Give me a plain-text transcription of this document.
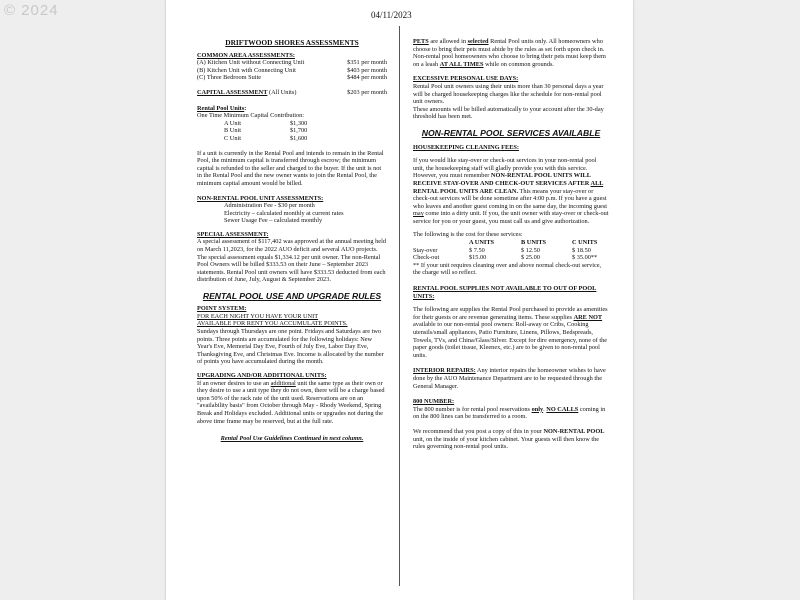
© 2024	04/11/2023
DRIFTWOOD SHORES ASSESSMENTS

COMMON AREA ASSESSMENTS:

(A) Kitchen Unit without Connecting Unit	$351 per month
(B) Kitchen Unit with Connecting Unit	$403 per month
(C) Three Bedroom Suite	$484 per month
CAPITAL ASSESSMENT (All Units)	$203 per month

Rental Pool Units:

One Time Minimum Capital Contribution:

A Unit	$1,300
B Unit	$1,700
C Unit	$1,600

If a unit is currently in the Rental Pool and intends to remain in the Rental Pool, the minimum capital is transferred through escrow; the minimum capital is refunded to the seller and charged to the buyer. If the unit is not in the Rental Pool and the new owner wants to join the Rental Pool, the minimum capital amount would be billed.

NON-RENTAL POOL UNIT ASSESSMENTS:

Administration Fee - $30 per month

Electricity – calculated monthly at current rates

Sewer Usage Fee – calculated monthly

SPECIAL ASSESSMENT:

A special assessment of $117,402 was approved at the annual meeting held on March 11,2023, for the 2022 AUO deficit and several AUO projects. The special assessment equals $1,334.12 per unit owner. The non-Rental Pool Owners will be billed $333.53 on their June – September 2023 statements. Rental Pool unit owners will have $333.53 deducted from each distribution of June, July, August & September 2023.

RENTAL POOL USE AND UPGRADE RULES

POINT SYSTEM:

FOR EACH NIGHT YOU HAVE YOUR UNIT

AVAILABLE FOR RENT YOU ACCUMULATE POINTS.

Sundays through Thursdays are one point. Fridays and Saturdays are two points. Three points are accumulated for the following holidays: New Year's Eve, Memorial Day Eve, Fourth of July Eve, Labor Day Eve, Thanksgiving Eve, and Christmas Eve. Income is allocated by the number of points you have accumulated during the month.

UPGRADING AND/OR ADDITIONAL UNITS:

If an owner desires to use an additional unit the same type as their own or they desire to use a unit type they do not own, there will be a charge based upon 50% of the rack rate of the unit used. Reservations are on an "availability basis" from October through May - Rhody Weekend, Spring Break and Holidays excluded. Additional units or upgrades not during the above time frame may be reserved, but at the full rate.

Rental Pool Use Guidelines Continued in next column.

PETS are allowed in selected Rental Pool units only. All homeowners who choose to bring their pets must abide by the rules as set forth upon check in. Non-rental pool homeowners who choose to bring their pets must keep them on a leash AT ALL TIMES while on common grounds.

EXCESSIVE PERSONAL USE DAYS:

Rental Pool unit owners using their units more than 30 personal days a year will be charged housekeeping charges like the schedule for non-rental pool unit owners.

These amounts will be billed automatically to your account after the 30-day threshold has been met.

NON-RENTAL POOL SERVICES AVAILABLE

HOUSEKEEPING CLEANING FEES:

If you would like stay-over or check-out services in your non-rental pool unit, the housekeeping staff will gladly provide you with this service. However, you must remember NON-RENTAL POOL UNITS WILL RECEIVE STAY-OVER AND CHECK-OUT SERVICES AFTER ALL RENTAL POOL UNITS ARE CLEAN. This means your stay-over or check-out services will be done sometime after 4:00 p.m. If you have a guest who leaves and another guest coming in on the same day, the incoming guest may come into a dirty unit. If you, the unit owner with stay-over or check-out service for you or your guest, you must call us and give authorization.

The following is the cost for these services:

A UNITS	B UNITS	C UNITS
Stay-over	$ 7.50	$ 12.50	$ 18.50
Check-out	$15.00	$ 25.00	$ 35.00**

** If your unit requires cleaning over and above normal check-out service, the charge will so reflect.

RENTAL POOL SUPPLIES NOT AVAILABLE TO OUT OF POOL UNITS:

The following are supplies the Rental Pool purchased to provide as amenities for their guests or are revenue generating items. These supplies ARE NOT available to our non-rental pool owners: Roll-away or Cribs, Cooking utensils/small appliances, Patio Furniture, Linens, Pillows, Bedspreads, Towels, TVs, and China/Glass/Silver. Except for dire emergency, none of the paper goods (toilet tissue, Kleenex, etc.) are to be given to non-rental pool units.

INTERIOR REPAIRS: Any interior repairs the homeowner wishes to have done by the AUO Maintenance Department are to be requested through the General Manager.

800 NUMBER:

The 800 number is for rental pool reservations only. NO CALLS coming in on the 800 lines can be transferred to a room.

We recommend that you post a copy of this in your NON-RENTAL POOL unit, on the inside of your kitchen cabinet. Your guests will then know the rules governing non-rental pool units.
